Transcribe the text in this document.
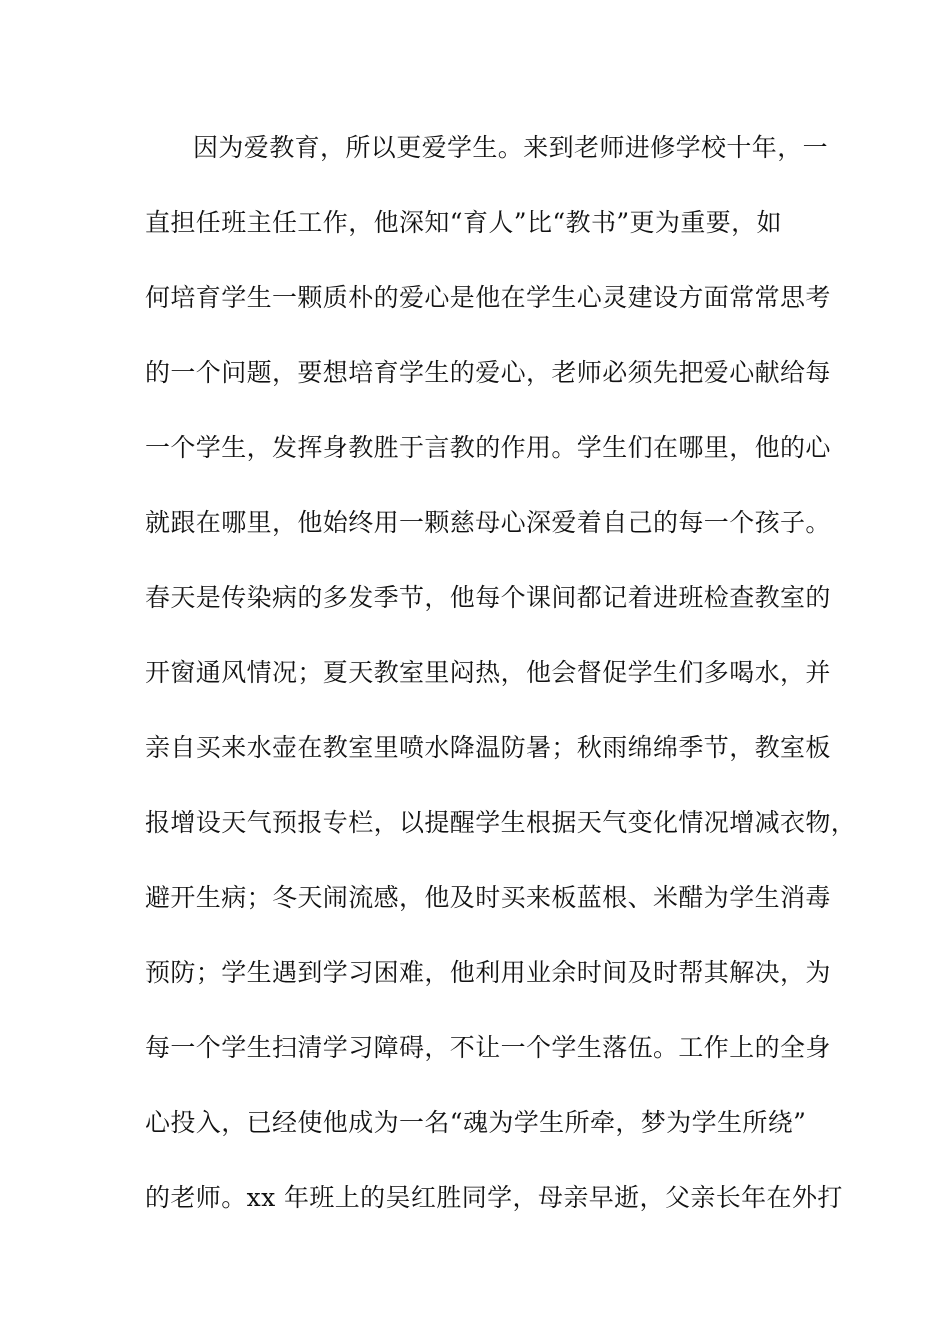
因为爱教育，所以更爱学生。来到老师进修学校十年，一
直担任班主任工作，他深知“育人”比“教书”更为重要，如
何培育学生一颗质朴的爱心是他在学生心灵建设方面常常思考
的一个问题，要想培育学生的爱心，老师必须先把爱心献给每
一个学生，发挥身教胜于言教的作用。学生们在哪里，他的心
就跟在哪里，他始终用一颗慈母心深爱着自己的每一个孩子。
春天是传染病的多发季节，他每个课间都记着进班检查教室的
开窗通风情况；夏天教室里闷热，他会督促学生们多喝水，并
亲自买来水壶在教室里喷水降温防暑；秋雨绵绵季节，教室板
报增设天气预报专栏，以提醒学生根据天气变化情况增减衣物，
避开生病；冬天闹流感，他及时买来板蓝根、米醋为学生消毒
预防；学生遇到学习困难，他利用业余时间及时帮其解决，为
每一个学生扫清学习障碍，不让一个学生落伍。工作上的全身
心投入，已经使他成为一名“魂为学生所牵，梦为学生所绕”
的老师。xx 年班上的吴红胜同学，母亲早逝，父亲长年在外打
